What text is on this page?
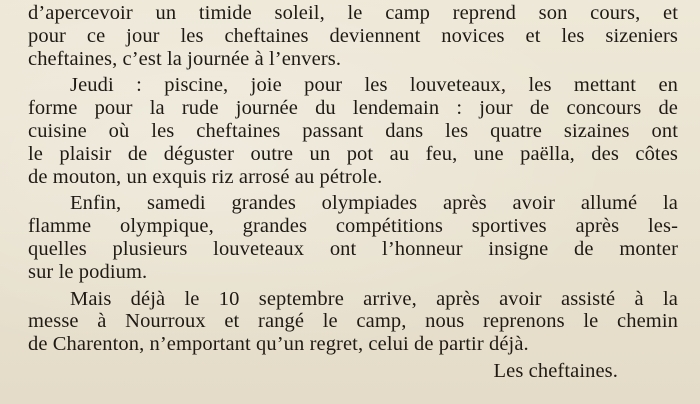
d’apercevoir un timide soleil, le camp reprend son cours, et
pour ce jour les cheftaines deviennent novices et les sizeniers
cheftaines, c’est la journée à l’envers.
Jeudi : piscine, joie pour les louveteaux, les mettant en
forme pour la rude journée du lendemain : jour de concours de
cuisine où les cheftaines passant dans les quatre sizaines ont
le plaisir de déguster outre un pot au feu, une paëlla, des côtes
de mouton, un exquis riz arrosé au pétrole.
Enfin, samedi grandes olympiades après avoir allumé la
flamme olympique, grandes compétitions sportives après les-
quelles plusieurs louveteaux ont l’honneur insigne de monter
sur le podium.
Mais déjà le 10 septembre arrive, après avoir assisté à la
messe à Nourroux et rangé le camp, nous reprenons le chemin
de Charenton, n’emportant qu’un regret, celui de partir déjà.
Les cheftaines.
